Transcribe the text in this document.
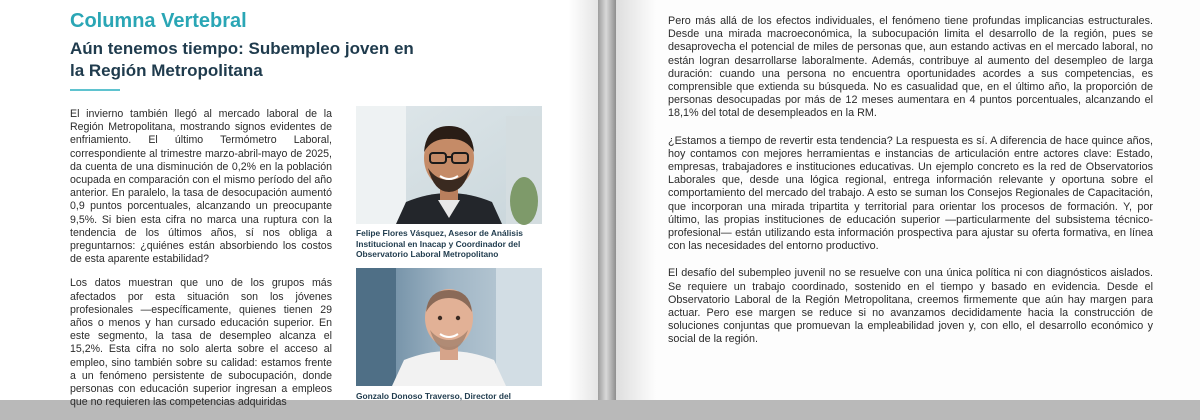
Columna Vertebral
Aún tenemos tiempo: Subempleo joven en la Región Metropolitana

El invierno también llegó al mercado laboral de la Región Metropolitana, mostrando signos evidentes de enfriamiento. El último Termómetro Laboral, correspondiente al trimestre marzo-abril-mayo de 2025, da cuenta de una disminución de 0,2% en la población ocupada en comparación con el mismo período del año anterior. En paralelo, la tasa de desocupación aumentó 0,9 puntos porcentuales, alcanzando un preocupante 9,5%. Si bien esta cifra no marca una ruptura con la tendencia de los últimos años, sí nos obliga a preguntarnos: ¿quiénes están absorbiendo los costos de esta aparente estabilidad?

Los datos muestran que uno de los grupos más afectados por esta situación son los jóvenes profesionales —específicamente, quienes tienen 29 años o menos y han cursado educación superior. En este segmento, la tasa de desempleo alcanza el 15,2%. Esta cifra no solo alerta sobre el acceso al empleo, sino también sobre su calidad: estamos frente a un fenómeno persistente de subocupación, donde personas con educación superior ingresan a empleos que no requieren las competencias adquiridas

Felipe Flores Vásquez, Asesor de Análisis Institucional en Inacap y Coordinador del Observatorio Laboral Metropolitano
Gonzalo Donoso Traverso, Director del

Pero más allá de los efectos individuales, el fenómeno tiene profundas implicancias estructurales. Desde una mirada macroeconómica, la subocupación limita el desarrollo de la región, pues se desaprovecha el potencial de miles de personas que, aun estando activas en el mercado laboral, no están logran desarrollarse laboralmente. Además, contribuye al aumento del desempleo de larga duración: cuando una persona no encuentra oportunidades acordes a sus competencias, es comprensible que extienda su búsqueda. No es casualidad que, en el último año, la proporción de personas desocupadas por más de 12 meses aumentara en 4 puntos porcentuales, alcanzando el 18,1% del total de desempleados en la RM.

¿Estamos a tiempo de revertir esta tendencia? La respuesta es sí. A diferencia de hace quince años, hoy contamos con mejores herramientas e instancias de articulación entre actores clave: Estado, empresas, trabajadores e instituciones educativas. Un ejemplo concreto es la red de Observatorios Laborales que, desde una lógica regional, entrega información relevante y oportuna sobre el comportamiento del mercado del trabajo. A esto se suman los Consejos Regionales de Capacitación, que incorporan una mirada tripartita y territorial para orientar los procesos de formación. Y, por último, las propias instituciones de educación superior —particularmente del subsistema técnico-profesional— están utilizando esta información prospectiva para ajustar su oferta formativa, en línea con las necesidades del entorno productivo.

El desafío del subempleo juvenil no se resuelve con una única política ni con diagnósticos aislados. Se requiere un trabajo coordinado, sostenido en el tiempo y basado en evidencia. Desde el Observatorio Laboral de la Región Metropolitana, creemos firmemente que aún hay margen para actuar. Pero ese margen se reduce si no avanzamos decididamente hacia la construcción de soluciones conjuntas que promuevan la empleabilidad joven y, con ello, el desarrollo económico y social de la región.
